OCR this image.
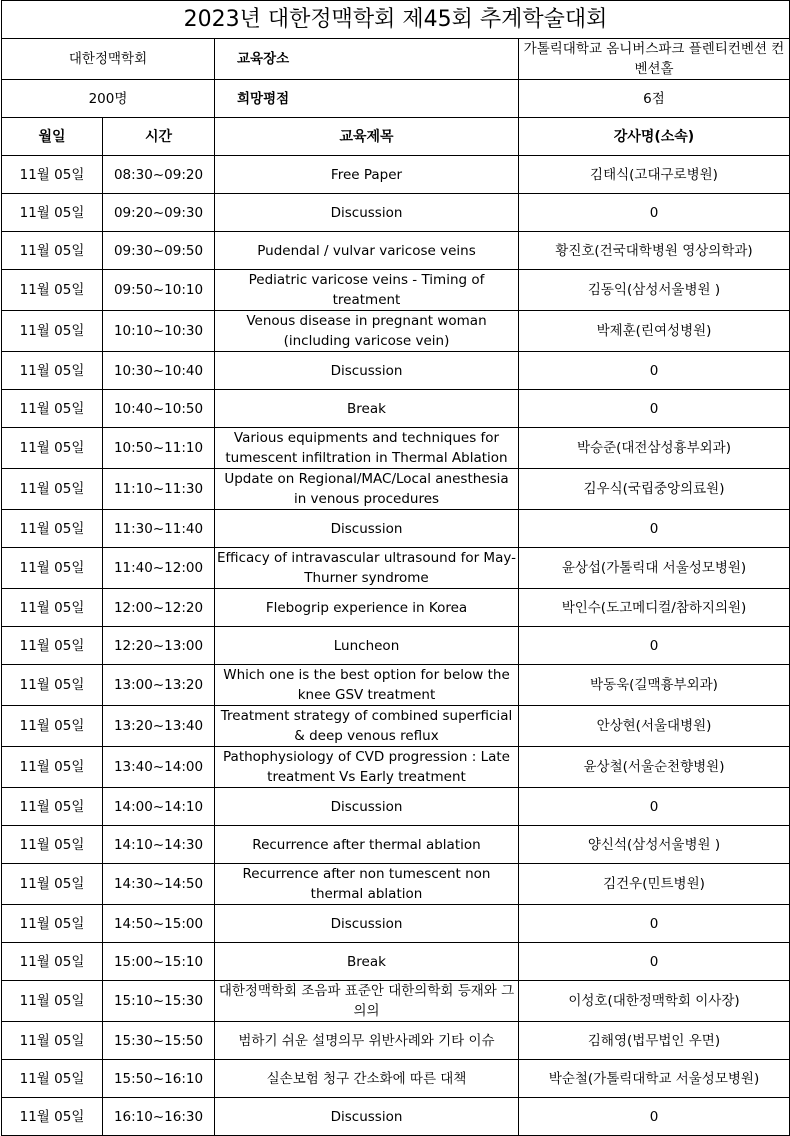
2023년 대한정맥학회 제45회 추계학술대회			
대한정맥학회		교육장소	가톨릭대학교 옴니버스파크 플렌티컨벤션 컨벤션홀
200명		희망평점	6점
월일	시간	교육제목	강사명(소속)
11월 05일	08:30~09:20	Free Paper	김태식(고대구로병원)
11월 05일	09:20~09:30	Discussion	0
11월 05일	09:30~09:50	Pudendal / vulvar varicose veins	황진호(건국대학병원 영상의학과)
11월 05일	09:50~10:10	Pediatric varicose veins - Timing of treatment	김동익(삼성서울병원 )
11월 05일	10:10~10:30	Venous disease in pregnant woman (including varicose vein)	박제훈(린여성병원)
11월 05일	10:30~10:40	Discussion	0
11월 05일	10:40~10:50	Break	0
11월 05일	10:50~11:10	Various equipments and techniques for tumescent infiltration in Thermal Ablation	박승준(대전삼성흉부외과)
11월 05일	11:10~11:30	Update on Regional/MAC/Local anesthesia in venous procedures	김우식(국립중앙의료원)
11월 05일	11:30~11:40	Discussion	0
11월 05일	11:40~12:00	Efficacy of intravascular ultrasound for May-Thurner syndrome	윤상섭(가톨릭대 서울성모병원)
11월 05일	12:00~12:20	Flebogrip experience in Korea	박인수(도고메디컬/참하지의원)
11월 05일	12:20~13:00	Luncheon	0
11월 05일	13:00~13:20	Which one is the best option for below the knee GSV treatment	박동욱(길맥흉부외과)
11월 05일	13:20~13:40	Treatment strategy of combined superficial & deep venous reflux	안상현(서울대병원)
11월 05일	13:40~14:00	Pathophysiology of CVD progression : Late treatment Vs Early treatment	윤상철(서울순천향병원)
11월 05일	14:00~14:10	Discussion	0
11월 05일	14:10~14:30	Recurrence after thermal ablation	양신석(삼성서울병원 )
11월 05일	14:30~14:50	Recurrence after non tumescent non thermal ablation	김건우(민트병원)
11월 05일	14:50~15:00	Discussion	0
11월 05일	15:00~15:10	Break	0
11월 05일	15:10~15:30	대한정맥학회 조음파 표준안 대한의학회 등재와 그 의의	이성호(대한정맥학회 이사장)
11월 05일	15:30~15:50	범하기 쉬운 설명의무 위반사례와 기타 이슈	김해영(법무법인 우면)
11월 05일	15:50~16:10	실손보험 청구 간소화에 따른 대책	박순철(가톨릭대학교 서울성모병원)
11월 05일	16:10~16:30	Discussion	0
